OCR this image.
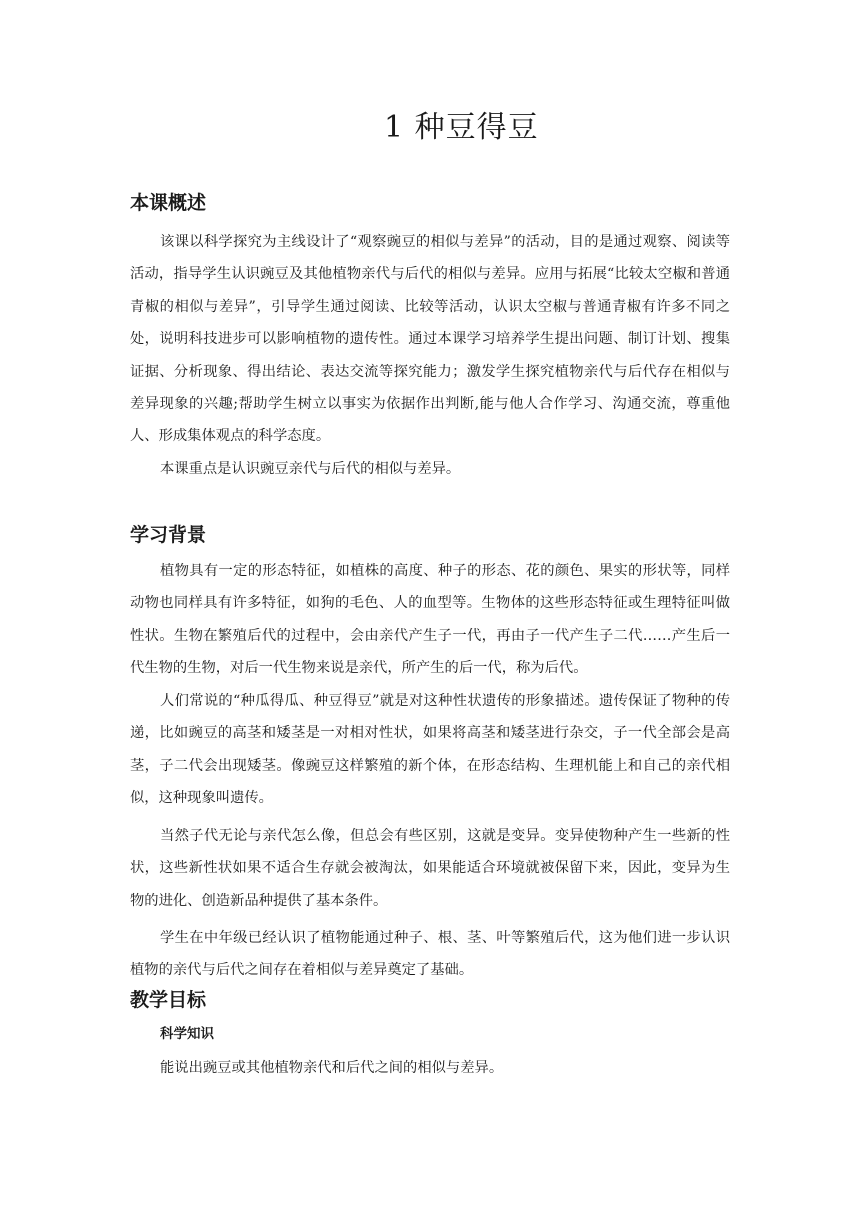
1 种豆得豆
本课概述

该课以科学探究为主线设计了“观察豌豆的相似与差异”的活动，目的是通过观察、阅读等活动，指导学生认识豌豆及其他植物亲代与后代的相似与差异。应用与拓展“比较太空椒和普通青椒的相似与差异”，引导学生通过阅读、比较等活动，认识太空椒与普通青椒有许多不同之处，说明科技进步可以影响植物的遗传性。通过本课学习培养学生提出问题、制订计划、搜集证据、分析现象、得出结论、表达交流等探究能力；激发学生探究植物亲代与后代存在相似与差异现象的兴趣;帮助学生树立以事实为依据作出判断,能与他人合作学习、沟通交流，尊重他人、形成集体观点的科学态度。

本课重点是认识豌豆亲代与后代的相似与差异。

学习背景

植物具有一定的形态特征，如植株的高度、种子的形态、花的颜色、果实的形状等，同样动物也同样具有许多特征，如狗的毛色、人的血型等。生物体的这些形态特征或生理特征叫做性状。生物在繁殖后代的过程中，会由亲代产生子一代，再由子一代产生子二代……产生后一代生物的生物，对后一代生物来说是亲代，所产生的后一代，称为后代。

人们常说的“种瓜得瓜、种豆得豆”就是对这种性状遗传的形象描述。遗传保证了物种的传递，比如豌豆的高茎和矮茎是一对相对性状，如果将高茎和矮茎进行杂交，子一代全部会是高茎，子二代会出现矮茎。像豌豆这样繁殖的新个体，在形态结构、生理机能上和自己的亲代相似，这种现象叫遗传。

当然子代无论与亲代怎么像，但总会有些区别，这就是变异。变异使物种产生一些新的性状，这些新性状如果不适合生存就会被淘汰，如果能适合环境就被保留下来，因此，变异为生物的进化、创造新品种提供了基本条件。

学生在中年级已经认识了植物能通过种子、根、茎、叶等繁殖后代，这为他们进一步认识植物的亲代与后代之间存在着相似与差异奠定了基础。

教学目标
科学知识

能说出豌豆或其他植物亲代和后代之间的相似与差异。
